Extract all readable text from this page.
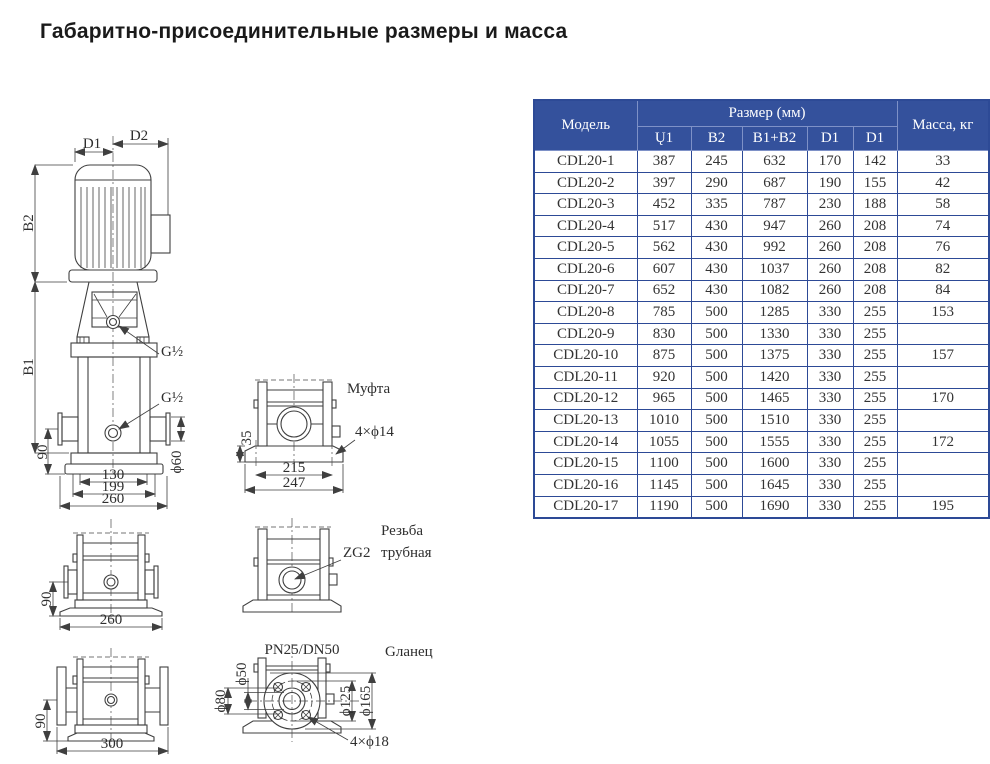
Габаритно-присоединительные размеры и масса
D1 D2
B2
B1
G½
G½
90	ϕ60
130
199
260
35
215
247
Муфта
4×ϕ14
90
260
ZG2
Резьба
трубная
90
300
PN25/DN50	Gланец
ϕ50
ϕ80	ϕ125 ϕ165
4×ϕ18
Модель	Размер (мм)					Масса, кг
	Ų1	B2	B1+B2	D1	D1	
CDL20-1	387	245	632	170	142	33
CDL20-2	397	290	687	190	155	42
CDL20-3	452	335	787	230	188	58
CDL20-4	517	430	947	260	208	74
CDL20-5	562	430	992	260	208	76
CDL20-6	607	430	1037	260	208	82
CDL20-7	652	430	1082	260	208	84
CDL20-8	785	500	1285	330	255	153
CDL20-9	830	500	1330	330	255	
CDL20-10	875	500	1375	330	255	157
CDL20-11	920	500	1420	330	255	
CDL20-12	965	500	1465	330	255	170
CDL20-13	1010	500	1510	330	255	
CDL20-14	1055	500	1555	330	255	172
CDL20-15	1100	500	1600	330	255	
CDL20-16	1145	500	1645	330	255	
CDL20-17	1190	500	1690	330	255	195
